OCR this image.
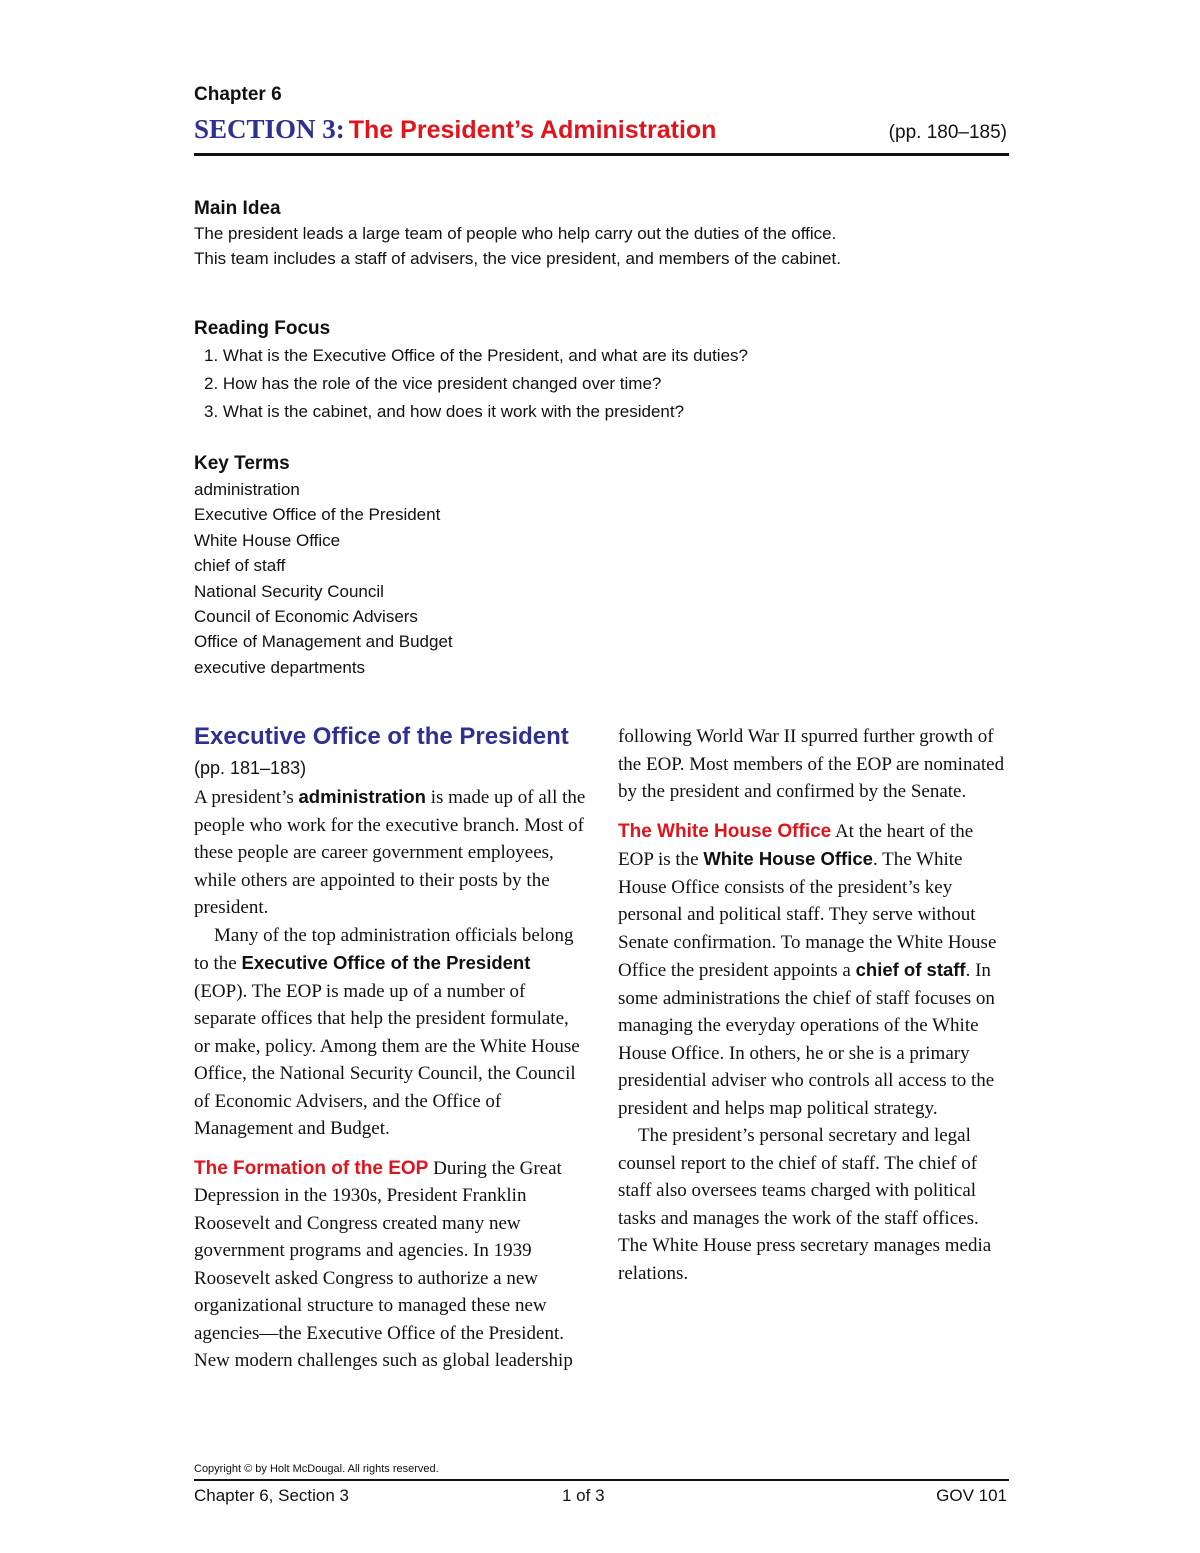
Chapter 6
SECTION 3: The President’s Administration	(pp. 180–185)
Main Idea
The president leads a large team of people who help carry out the duties of the office. This team includes a staff of advisers, the vice president, and members of the cabinet.
Reading Focus
1. What is the Executive Office of the President, and what are its duties?
2. How has the role of the vice president changed over time?
3. What is the cabinet, and how does it work with the president?
Key Terms
administration
Executive Office of the President
White House Office
chief of staff
National Security Council
Council of Economic Advisers
Office of Management and Budget
executive departments
Executive Office of the President (pp. 181–183)

A president’s administration is made up of all the people who work for the executive branch. Most of these people are career government employees, while others are appointed to their posts by the president.

Many of the top administration officials belong to the Executive Office of the President (EOP). The EOP is made up of a number of separate offices that help the president formulate, or make, policy. Among them are the White House Office, the National Security Council, the Council of Economic Advisers, and the Office of Management and Budget.

The Formation of the EOP During the Great Depression in the 1930s, President Franklin Roosevelt and Congress created many new government programs and agencies. In 1939 Roosevelt asked Congress to authorize a new organizational structure to managed these new agencies—the Executive Office of the President. New modern challenges such as global leadership

following World War II spurred further growth of the EOP. Most members of the EOP are nominated by the president and confirmed by the Senate.

The White House Office At the heart of the EOP is the White House Office. The White House Office consists of the president’s key personal and political staff. They serve without Senate confirmation. To manage the White House Office the president appoints a chief of staff. In some administrations the chief of staff focuses on managing the everyday operations of the White House Office. In others, he or she is a primary presidential adviser who controls all access to the president and helps map political strategy.

The president’s personal secretary and legal counsel report to the chief of staff. The chief of staff also oversees teams charged with political tasks and manages the work of the staff offices. The White House press secretary manages media relations.

Copyright © by Holt McDougal. All rights reserved.
Chapter 6, Section 3	1 of 3	GOV 101
